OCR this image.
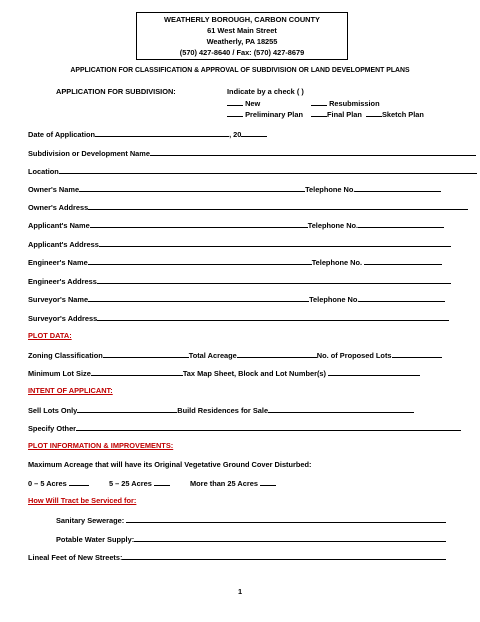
WEATHERLY BOROUGH, CARBON COUNTY
61 West Main Street
Weatherly, PA 18255
(570) 427-8640 / Fax: (570) 427-8679
APPLICATION FOR CLASSIFICATION & APPROVAL OF SUBDIVISION OR LAND DEVELOPMENT PLANS
APPLICATION FOR SUBDIVISION:	Indicate by a check ( )
New	Resubmission
Preliminary Plan	Final Plan	Sketch Plan
Date of Application	, 20
Subdivision or Development Name
Location
Owner's Name	Telephone No.
Owner's Address
Applicant's Name	Telephone No.
Applicant's Address
Engineer's Name	Telephone No.
Engineer's Address
Surveyor's Name	Telephone No.
Surveyor's Address
PLOT DATA:
Zoning Classification	Total Acreage	No. of Proposed Lots
Minimum Lot Size	Tax Map Sheet, Block and Lot Number(s)
INTENT OF APPLICANT:
Sell Lots Only	Build Residences for Sale
Specify Other
PLOT INFORMATION & IMPROVEMENTS:
Maximum Acreage that will have its Original Vegetative Ground Cover Disturbed:
0 – 5 Acres	5 – 25 Acres	More than 25 Acres
How Will Tract be Serviced for:
Sanitary Sewerage:
Potable Water Supply:
Lineal Feet of New Streets:
1
